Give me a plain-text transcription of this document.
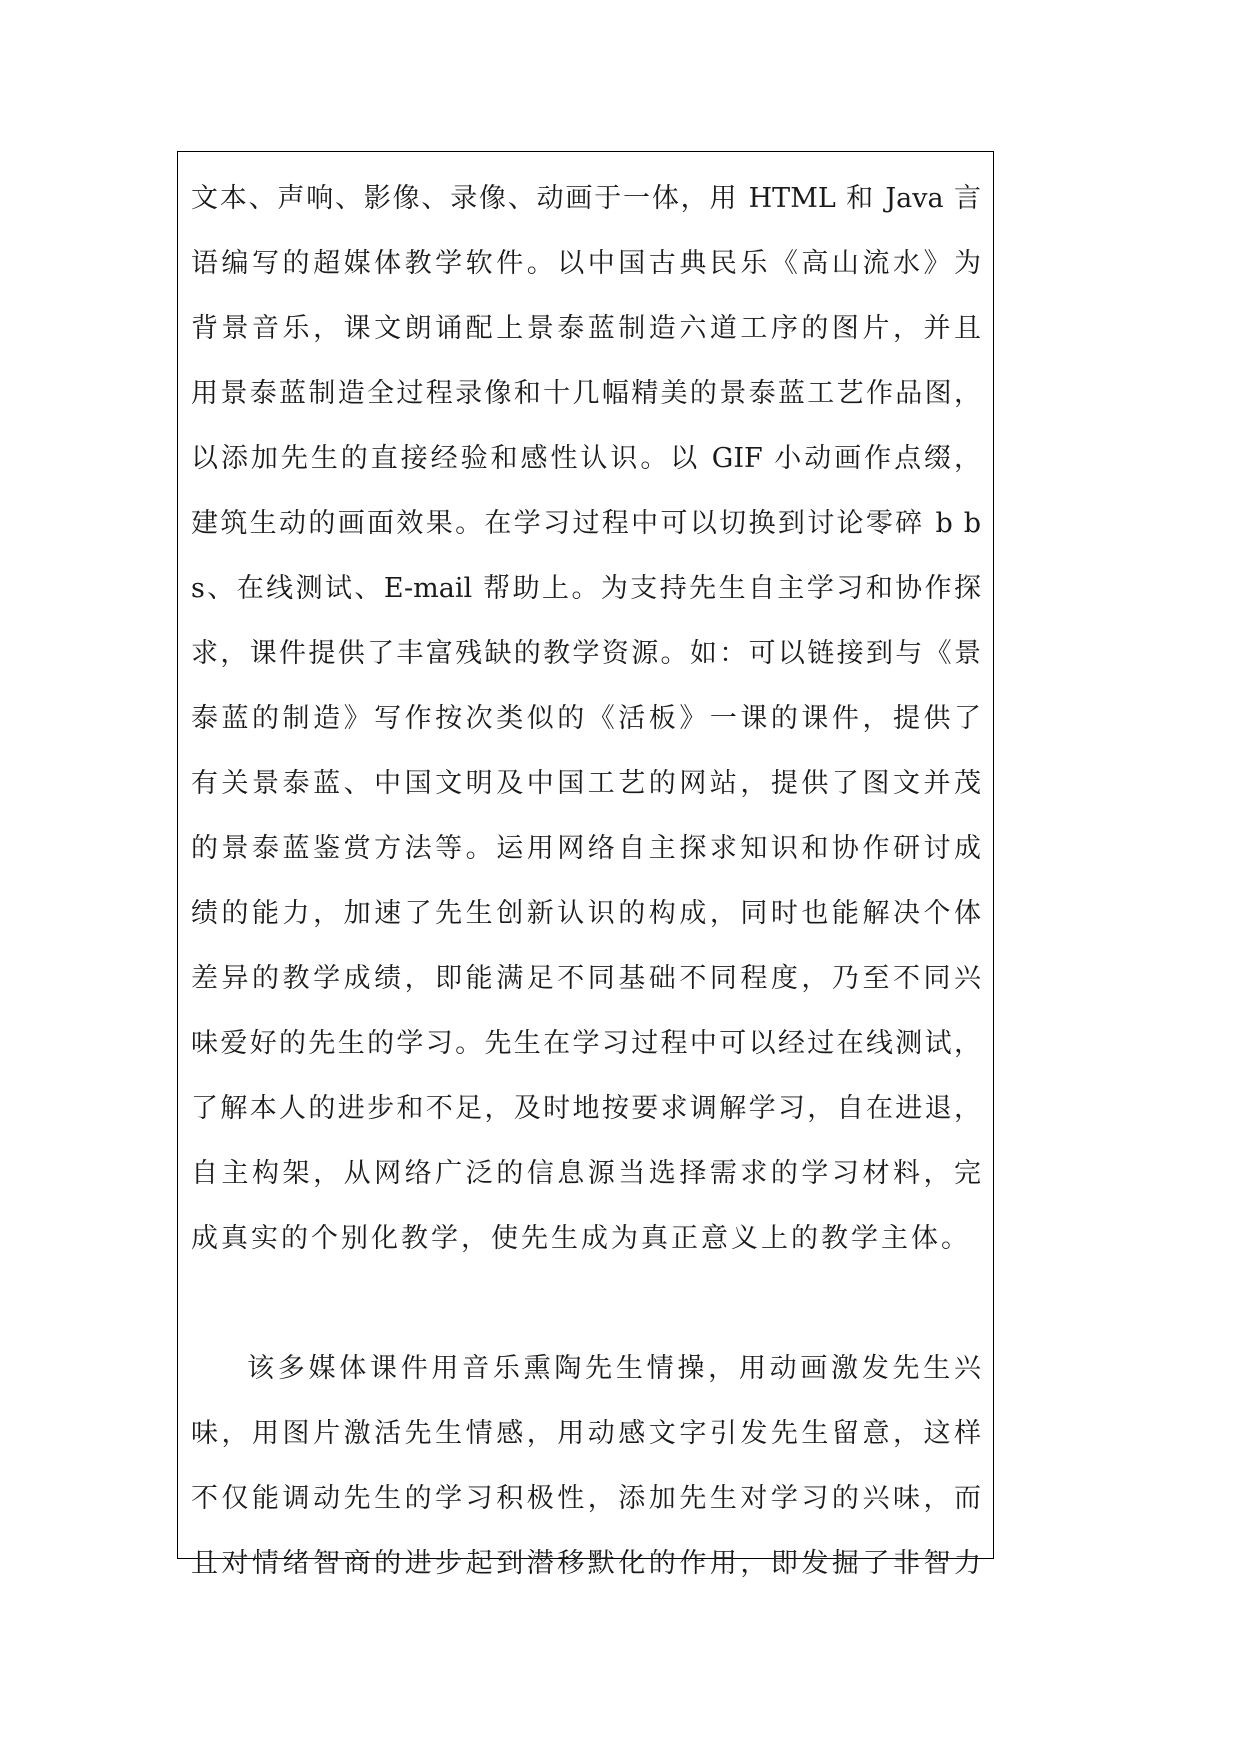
文本、声响、影像、录像、动画于一体，用 HTML 和 Java 言
语编写的超媒体教学软件。以中国古典民乐《高山流水》为
背景音乐，课文朗诵配上景泰蓝制造六道工序的图片，并且
用景泰蓝制造全过程录像和十几幅精美的景泰蓝工艺作品图，
以添加先生的直接经验和感性认识。以 GIF 小动画作点缀，
建筑生动的画面效果。在学习过程中可以切换到讨论零碎 b b
s、在线测试、E-mail 帮助上。为支持先生自主学习和协作探
求，课件提供了丰富残缺的教学资源。如：可以链接到与《景
泰蓝的制造》写作按次类似的《活板》一课的课件，提供了
有关景泰蓝、中国文明及中国工艺的网站，提供了图文并茂
的景泰蓝鉴赏方法等。运用网络自主探求知识和协作研讨成
绩的能力，加速了先生创新认识的构成，同时也能解决个体
差异的教学成绩，即能满足不同基础不同程度，乃至不同兴
味爱好的先生的学习。先生在学习过程中可以经过在线测试，
了解本人的进步和不足，及时地按要求调解学习，自在进退，
自主构架，从网络广泛的信息源当选择需求的学习材料，完
成真实的个别化教学，使先生成为真正意义上的教学主体。
该多媒体课件用音乐熏陶先生情操，用动画激发先生兴
味，用图片激活先生情感，用动感文字引发先生留意，这样
不仅能调动先生的学习积极性，添加先生对学习的兴味，而
且对情绪智商的进步起到潜移默化的作用，即发掘了非智力
